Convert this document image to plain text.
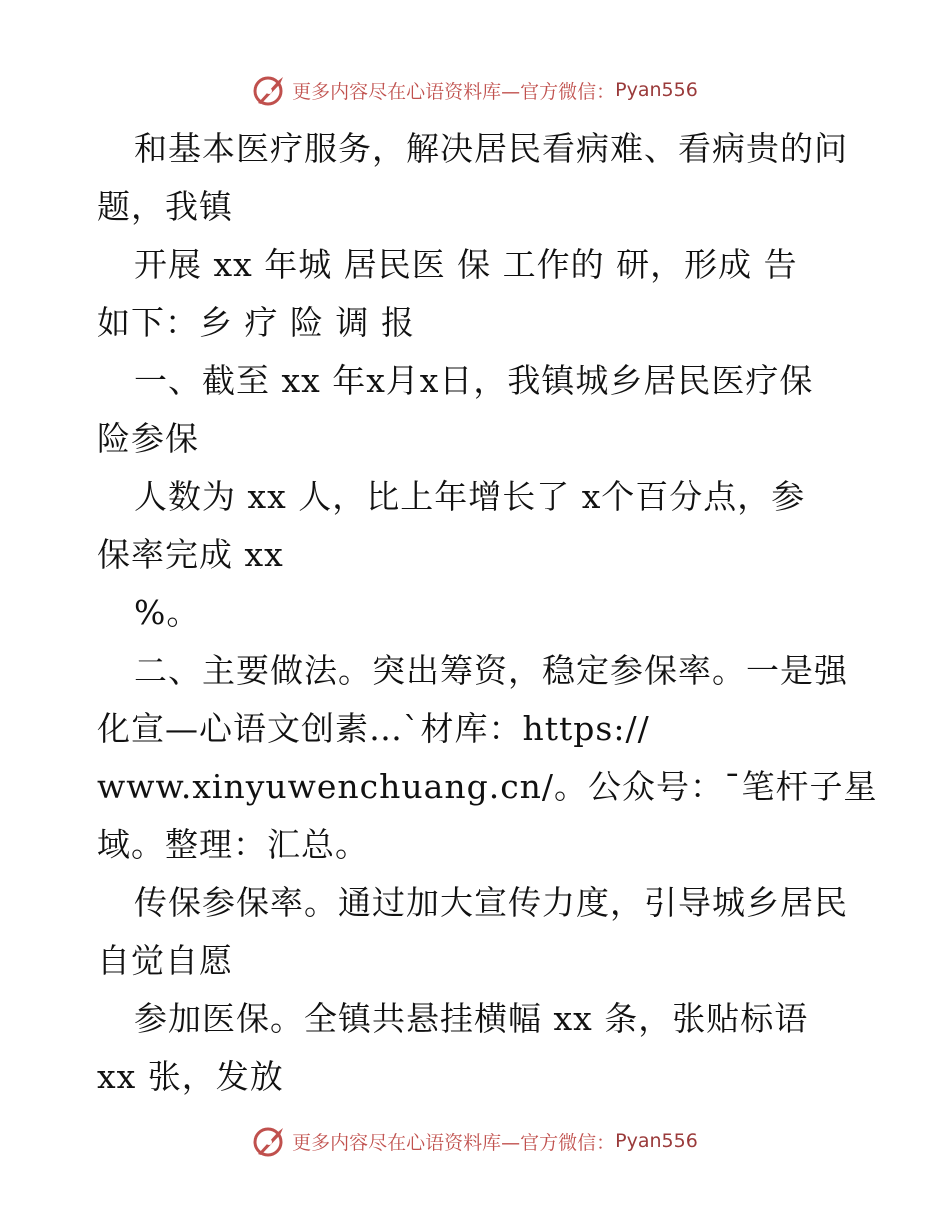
更多内容尽在心语资料库—官方微信： Pyan556
和基本医疗服务，解决居民看病难、看病贵的问
题，我镇
开展 xx 年城 居民医 保 工作的 研，形成 告
如下：乡 疗 险 调 报
一、截至 xx 年x月x日，我镇城乡居民医疗保
险参保
人数为 xx 人，比上年增长了 x个百分点，参
保率完成 xx
%。
二、主要做法。突出筹资，稳定参保率。一是强
化宣—心语文创素…`材库：https://
www.xinyuwenchuang.cn/。公众号：¯笔杆子星
域。整理：汇总。
传保参保率。通过加大宣传力度，引导城乡居民
自觉自愿
参加医保。全镇共悬挂横幅 xx 条，张贴标语
xx 张，发放
更多内容尽在心语资料库—官方微信： Pyan556
